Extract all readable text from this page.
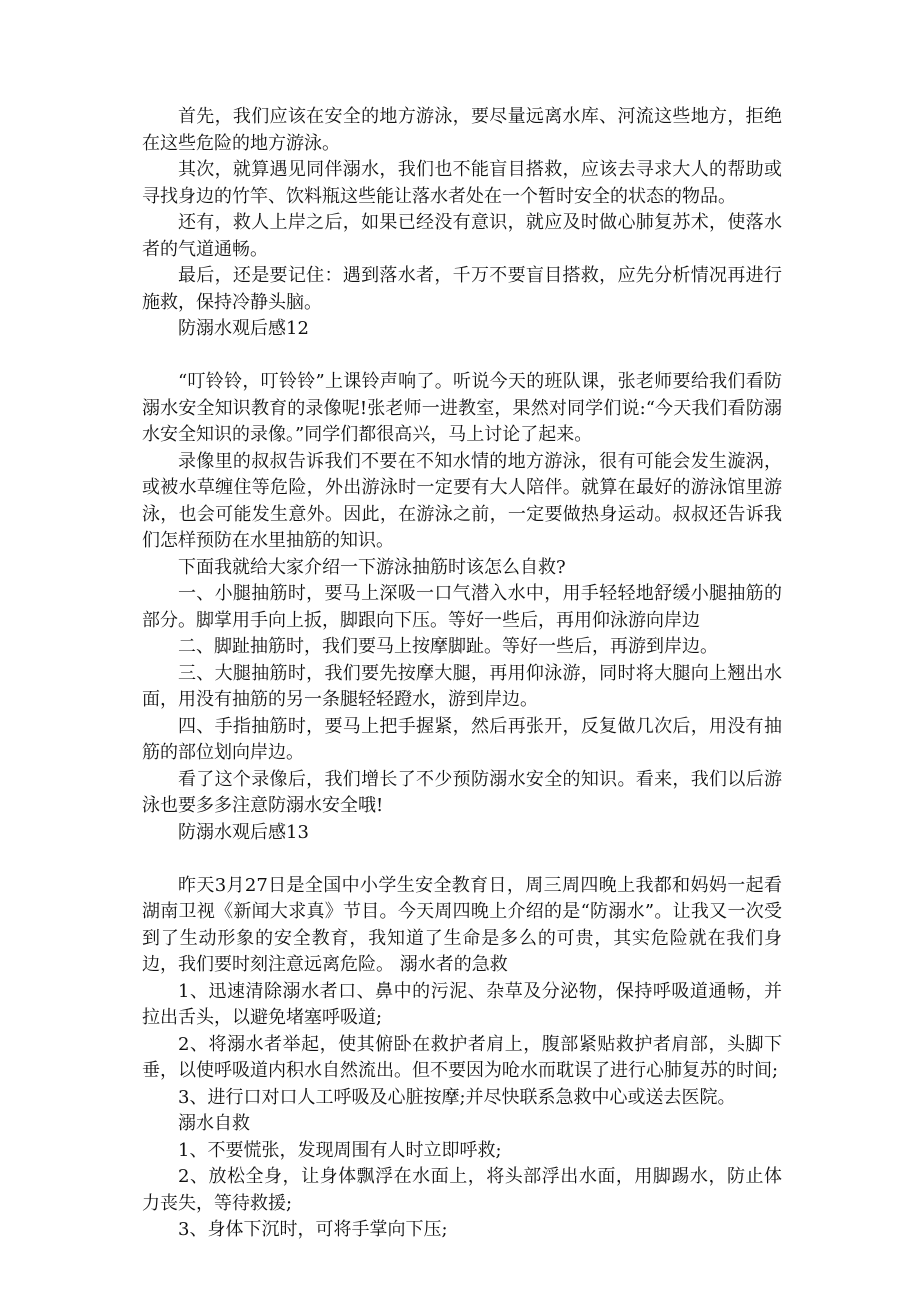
首先，我们应该在安全的地方游泳，要尽量远离水库、河流这些地方，拒绝在这些危险的地方游泳。

其次，就算遇见同伴溺水，我们也不能盲目搭救，应该去寻求大人的帮助或寻找身边的竹竿、饮料瓶这些能让落水者处在一个暂时安全的状态的物品。

还有，救人上岸之后，如果已经没有意识，就应及时做心肺复苏术，使落水者的气道通畅。

最后，还是要记住：遇到落水者，千万不要盲目搭救，应先分析情况再进行施救，保持冷静头脑。

防溺水观后感12

“叮铃铃，叮铃铃”上课铃声响了。听说今天的班队课，张老师要给我们看防溺水安全知识教育的录像呢!张老师一进教室，果然对同学们说:“今天我们看防溺水安全知识的录像。”同学们都很高兴，马上讨论了起来。

录像里的叔叔告诉我们不要在不知水情的地方游泳，很有可能会发生漩涡，或被水草缠住等危险，外出游泳时一定要有大人陪伴。就算在最好的游泳馆里游泳，也会可能发生意外。因此，在游泳之前，一定要做热身运动。叔叔还告诉我们怎样预防在水里抽筋的知识。

下面我就给大家介绍一下游泳抽筋时该怎么自救?

一、小腿抽筋时，要马上深吸一口气潜入水中，用手轻轻地舒缓小腿抽筋的部分。脚掌用手向上扳，脚跟向下压。等好一些后，再用仰泳游向岸边

二、脚趾抽筋时，我们要马上按摩脚趾。等好一些后，再游到岸边。

三、大腿抽筋时，我们要先按摩大腿，再用仰泳游，同时将大腿向上翘出水面，用没有抽筋的另一条腿轻轻蹬水，游到岸边。

四、手指抽筋时，要马上把手握紧，然后再张开，反复做几次后，用没有抽筋的部位划向岸边。

看了这个录像后，我们增长了不少预防溺水安全的知识。看来，我们以后游泳也要多多注意防溺水安全哦!

防溺水观后感13

昨天3月27日是全国中小学生安全教育日，周三周四晚上我都和妈妈一起看湖南卫视《新闻大求真》节目。今天周四晚上介绍的是“防溺水”。让我又一次受到了生动形象的安全教育，我知道了生命是多么的可贵，其实危险就在我们身边，我们要时刻注意远离危险。 溺水者的急救

1、迅速清除溺水者口、鼻中的污泥、杂草及分泌物，保持呼吸道通畅，并拉出舌头，以避免堵塞呼吸道;

2、将溺水者举起，使其俯卧在救护者肩上，腹部紧贴救护者肩部，头脚下垂，以使呼吸道内积水自然流出。但不要因为呛水而耽误了进行心肺复苏的时间;

3、进行口对口人工呼吸及心脏按摩;并尽快联系急救中心或送去医院。

溺水自救

1、不要慌张，发现周围有人时立即呼救;

2、放松全身，让身体飘浮在水面上，将头部浮出水面，用脚踢水，防止体力丧失，等待救援;

3、身体下沉时，可将手掌向下压;
